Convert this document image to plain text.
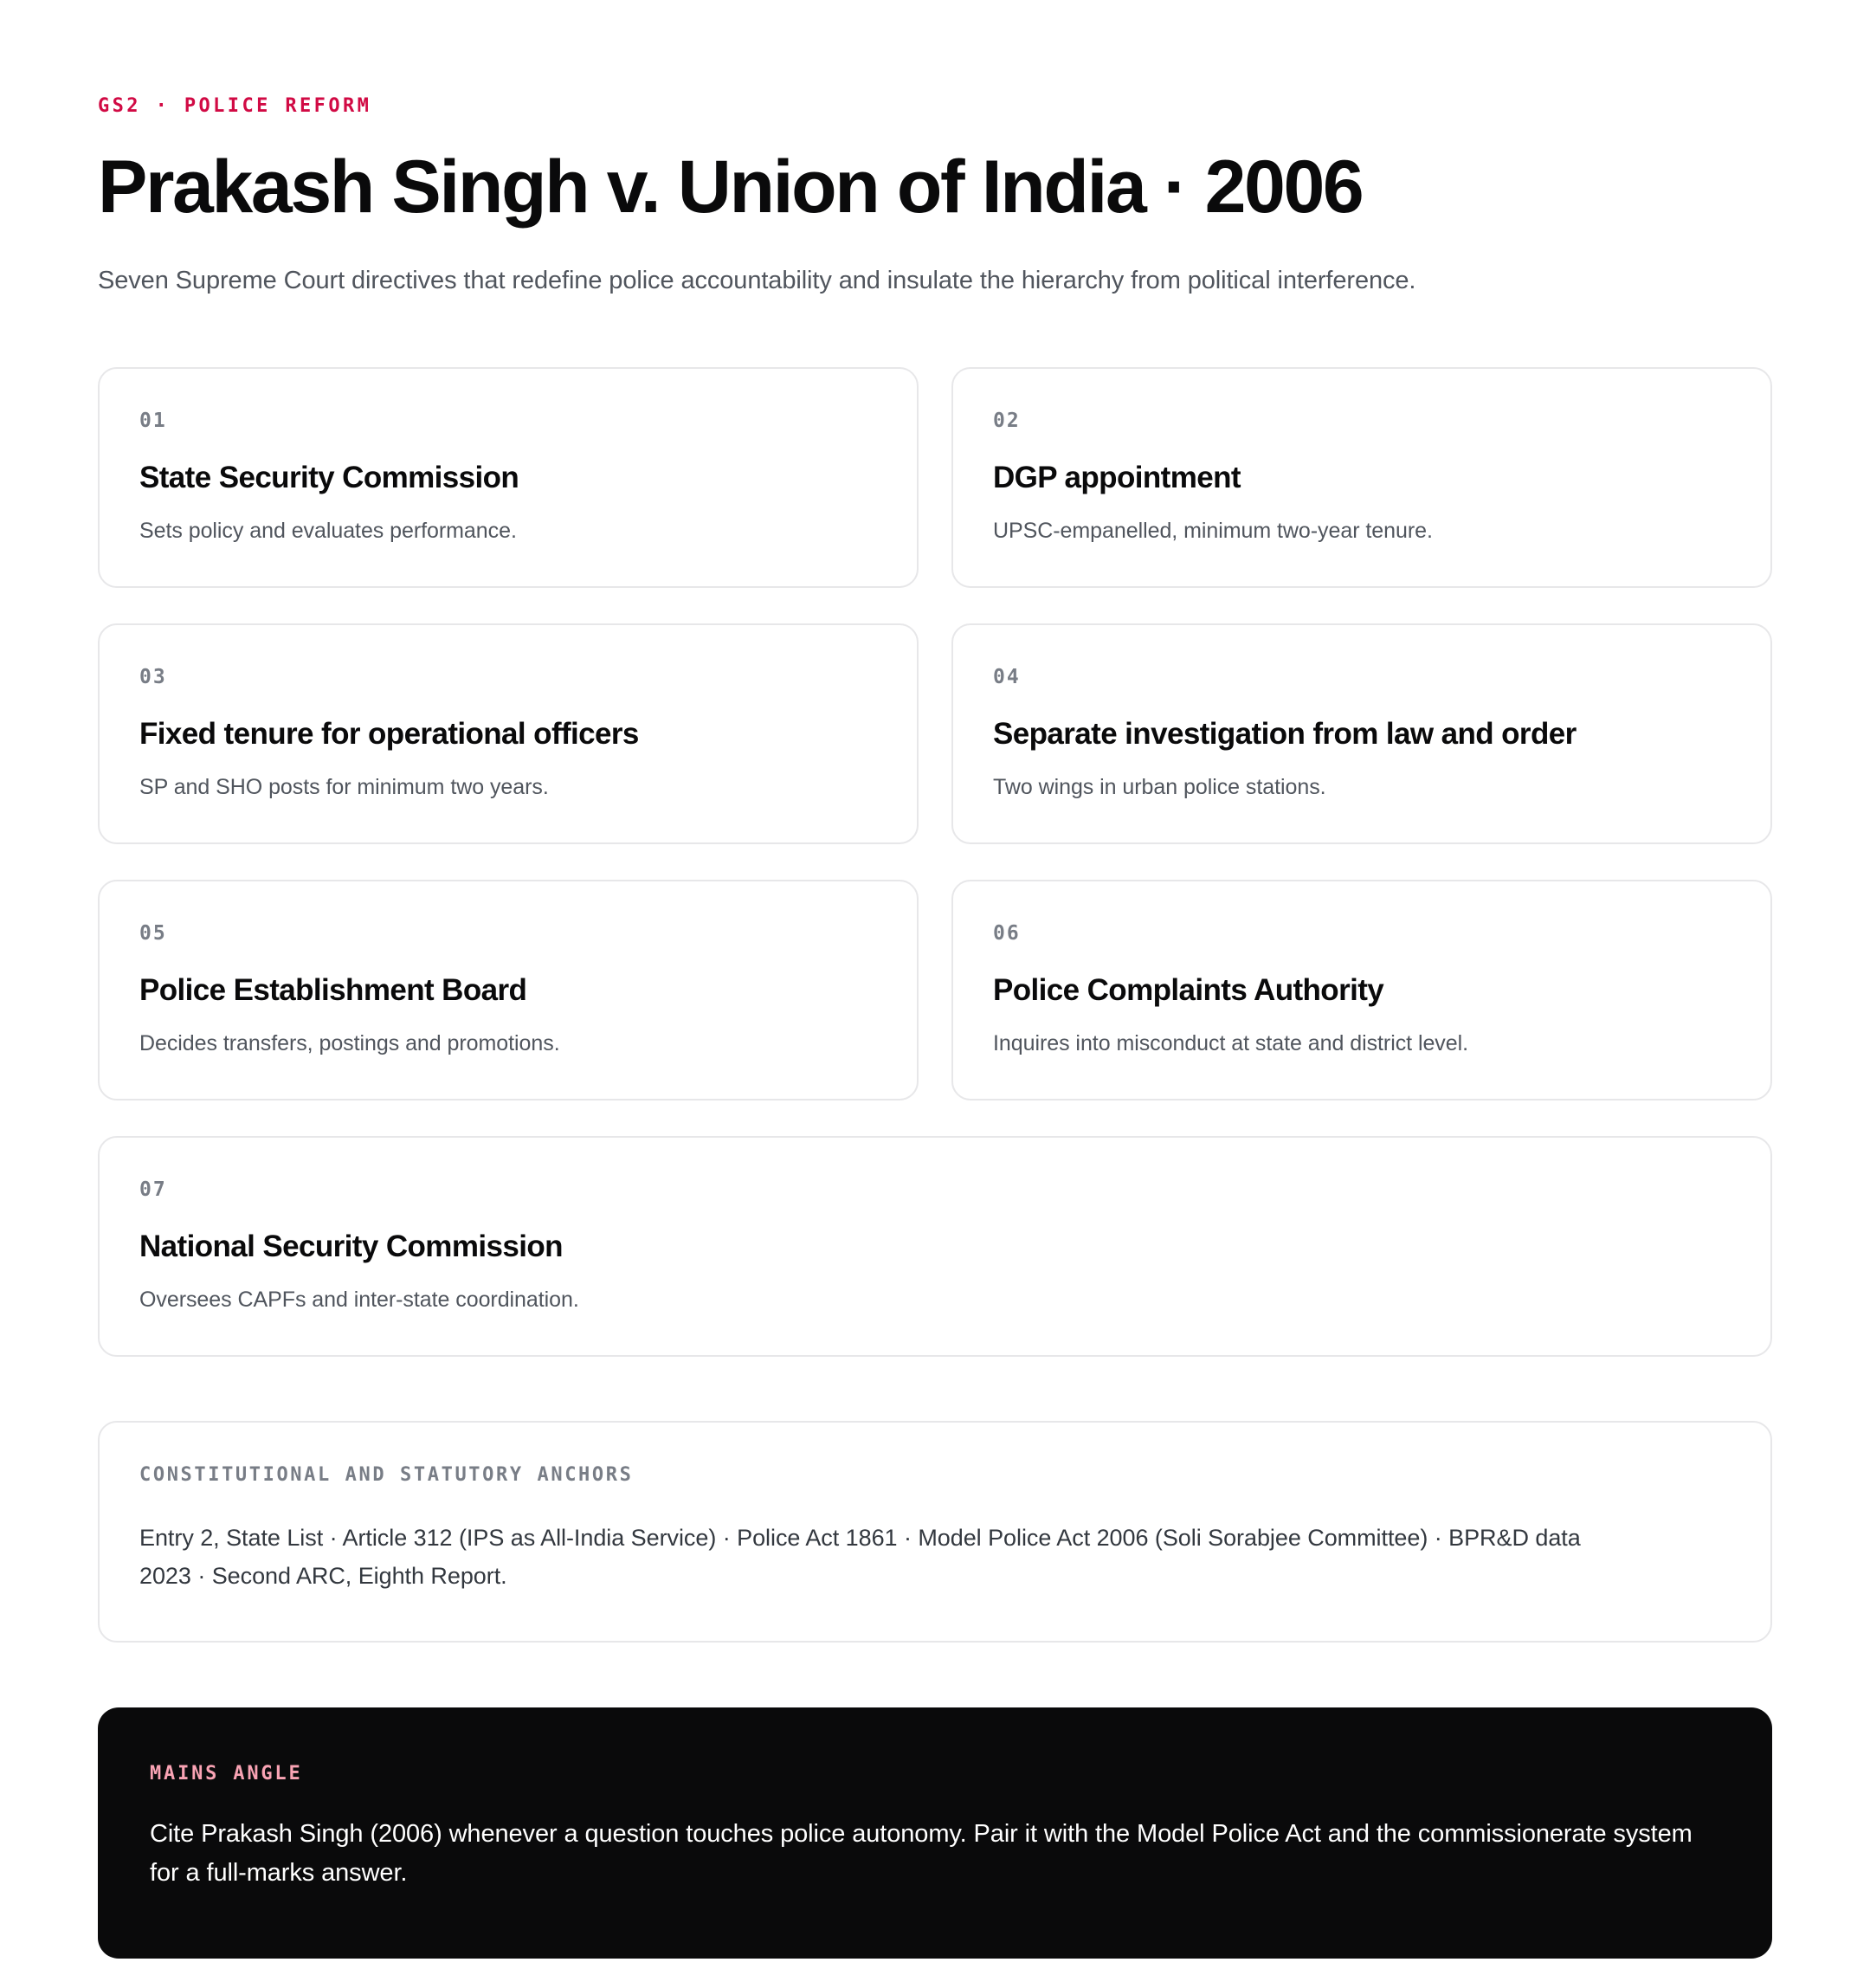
GS2 · POLICE REFORM
Prakash Singh v. Union of India · 2006

Seven Supreme Court directives that redefine police accountability and insulate the hierarchy from political interference.

01
State Security Commission
Sets policy and evaluates performance.
02
DGP appointment
UPSC-empanelled, minimum two-year tenure.
03
Fixed tenure for operational officers
SP and SHO posts for minimum two years.
04
Separate investigation from law and order
Two wings in urban police stations.
05
Police Establishment Board
Decides transfers, postings and promotions.
06
Police Complaints Authority
Inquires into misconduct at state and district level.
07
National Security Commission
Oversees CAPFs and inter-state coordination.
CONSTITUTIONAL AND STATUTORY ANCHORS
Entry 2, State List · Article 312 (IPS as All-India Service) · Police Act 1861 · Model Police Act 2006 (Soli Sorabjee Committee) · BPR&D data 2023 · Second ARC, Eighth Report.
MAINS ANGLE
Cite Prakash Singh (2006) whenever a question touches police autonomy. Pair it with the Model Police Act and the commissionerate system for a full-marks answer.
